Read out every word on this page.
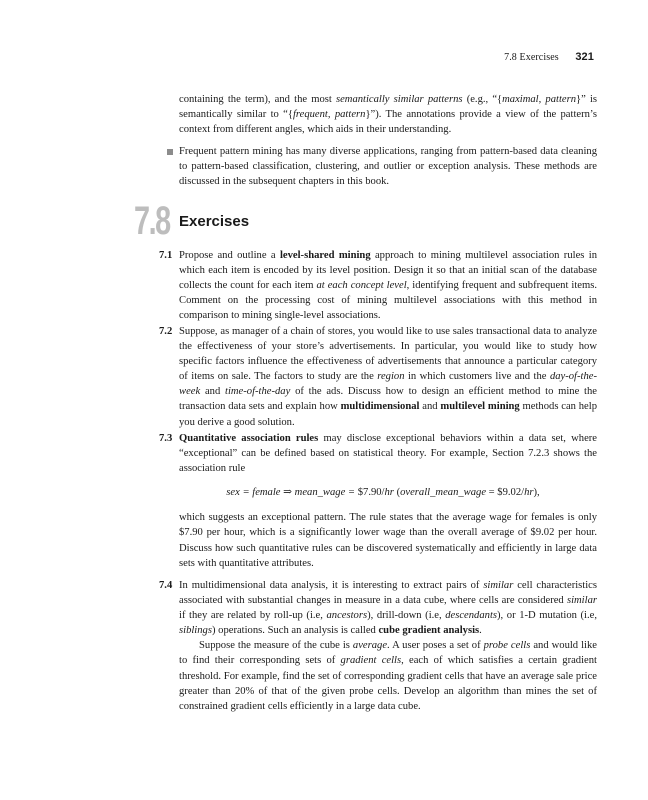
7.8 Exercises 321
containing the term), and the most semantically similar patterns (e.g., “{maximal, pattern}” is semantically similar to “{frequent, pattern}”). The annotations provide a view of the pattern’s context from different angles, which aids in their understanding.
Frequent pattern mining has many diverse applications, ranging from pattern-based data cleaning to pattern-based classification, clustering, and outlier or exception analysis. These methods are discussed in the subsequent chapters in this book.
7.8 Exercises
7.1 Propose and outline a level-shared mining approach to mining multilevel association rules in which each item is encoded by its level position. Design it so that an initial scan of the database collects the count for each item at each concept level, identifying frequent and subfrequent items. Comment on the processing cost of mining multilevel associations with this method in comparison to mining single-level associations.
7.2 Suppose, as manager of a chain of stores, you would like to use sales transactional data to analyze the effectiveness of your store’s advertisements. In particular, you would like to study how specific factors influence the effectiveness of advertisements that announce a particular category of items on sale. The factors to study are the region in which customers live and the day-of-the-week and time-of-the-day of the ads. Discuss how to design an efficient method to mine the transaction data sets and explain how multidimensional and multilevel mining methods can help you derive a good solution.
7.3 Quantitative association rules may disclose exceptional behaviors within a data set, where “exceptional” can be defined based on statistical theory. For example, Section 7.2.3 shows the association rule
sex = female ⇒ mean_wage = $7.90/hr (overall_mean_wage = $9.02/hr),
which suggests an exceptional pattern. The rule states that the average wage for females is only $7.90 per hour, which is a significantly lower wage than the overall average of $9.02 per hour. Discuss how such quantitative rules can be discovered systematically and efficiently in large data sets with quantitative attributes.
7.4 In multidimensional data analysis, it is interesting to extract pairs of similar cell characteristics associated with substantial changes in measure in a data cube, where cells are considered similar if they are related by roll-up (i.e, ancestors), drill-down (i.e, descendants), or 1-D mutation (i.e, siblings) operations. Such an analysis is called cube gradient analysis.
Suppose the measure of the cube is average. A user poses a set of probe cells and would like to find their corresponding sets of gradient cells, each of which satisfies a certain gradient threshold. For example, find the set of corresponding gradient cells that have an average sale price greater than 20% of that of the given probe cells. Develop an algorithm than mines the set of constrained gradient cells efficiently in a large data cube.
